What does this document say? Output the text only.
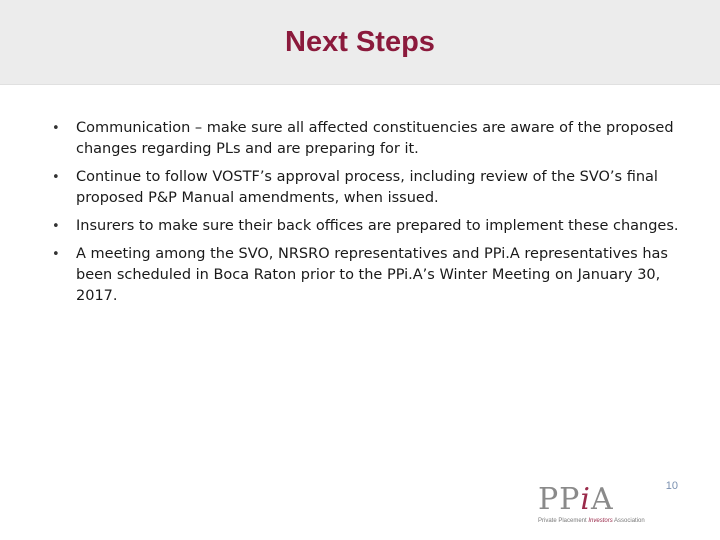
Next Steps
• Communication – make sure all affected constituencies are aware of the proposed changes regarding PLs and are preparing for it.
• Continue to follow VOSTF’s approval process, including review of the SVO’s final proposed P&P Manual amendments, when issued.
• Insurers to make sure their back offices are prepared to implement these changes.
• A meeting among the SVO, NRSRO representatives and PPi.A representatives has been scheduled in Boca Raton prior to the PPi.A’s Winter Meeting on January 30, 2017.
PPiA
Private Placement Investors Association
10
